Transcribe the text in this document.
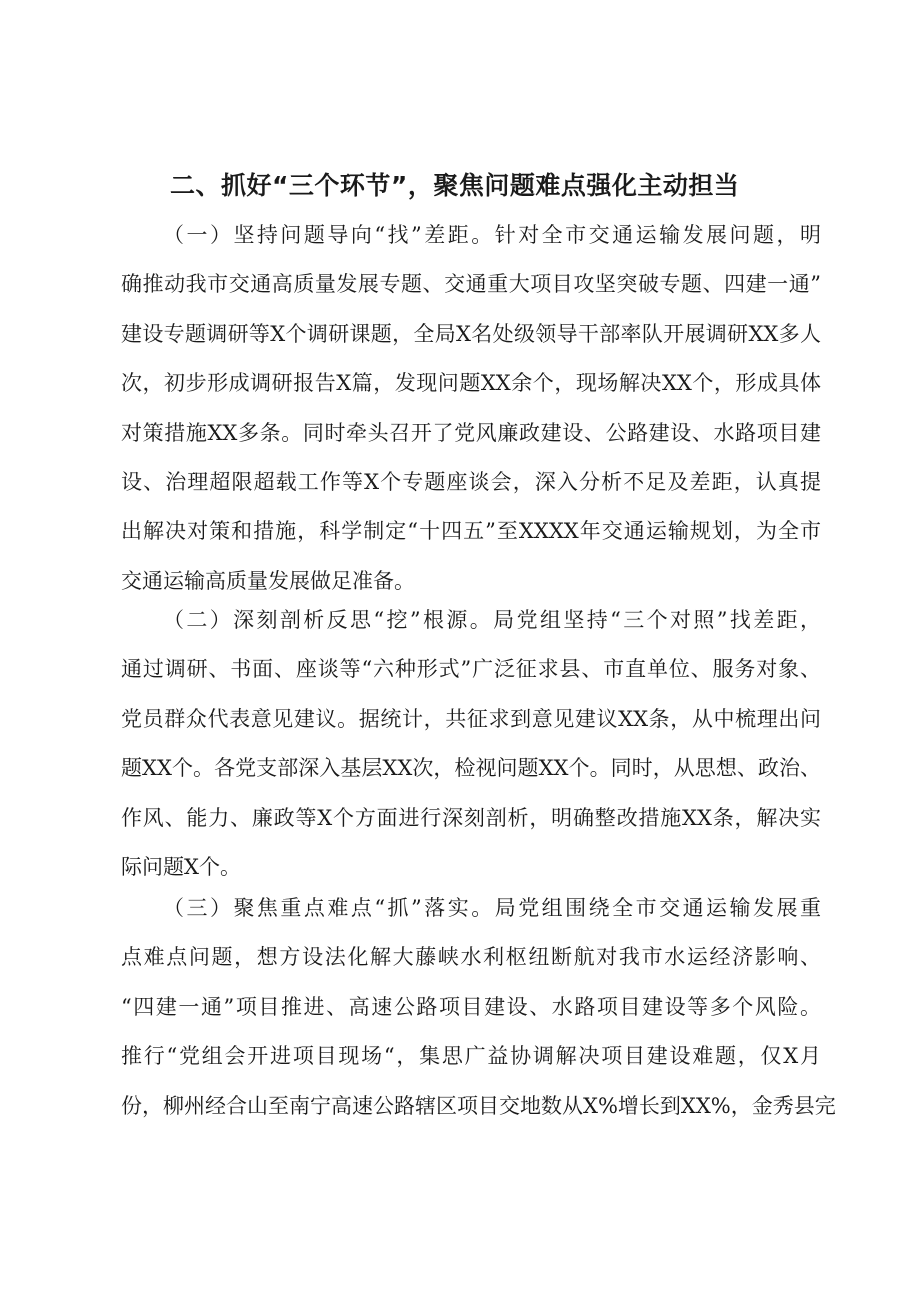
二、抓好“三个环节”，聚焦问题难点强化主动担当
（一）坚持问题导向“找”差距。针对全市交通运输发展问题，明
确推动我市交通高质量发展专题、交通重大项目攻坚突破专题、四建一通”
建设专题调研等X个调研课题，全局X名处级领导干部率队开展调研XX多人
次，初步形成调研报告X篇，发现问题XX余个，现场解决XX个，形成具体
对策措施XX多条。同时牵头召开了党风廉政建设、公路建设、水路项目建
设、治理超限超载工作等X个专题座谈会，深入分析不足及差距，认真提
出解决对策和措施，科学制定“十四五”至XXXX年交通运输规划，为全市
交通运输高质量发展做足准备。
（二）深刻剖析反思“挖”根源。局党组坚持“三个对照”找差距，
通过调研、书面、座谈等“六种形式”广泛征求县、市直单位、服务对象、
党员群众代表意见建议。据统计，共征求到意见建议XX条，从中梳理出问
题XX个。各党支部深入基层XX次，检视问题XX个。同时，从思想、政治、
作风、能力、廉政等X个方面进行深刻剖析，明确整改措施XX条，解决实
际问题X个。
（三）聚焦重点难点“抓”落实。局党组围绕全市交通运输发展重
点难点问题，想方设法化解大藤峡水利枢纽断航对我市水运经济影响、
“四建一通”项目推进、高速公路项目建设、水路项目建设等多个风险。
推行“党组会开进项目现场“，集思广益协调解决项目建设难题，仅X月
份，柳州经合山至南宁高速公路辖区项目交地数从X%增长到XX%，金秀县完
